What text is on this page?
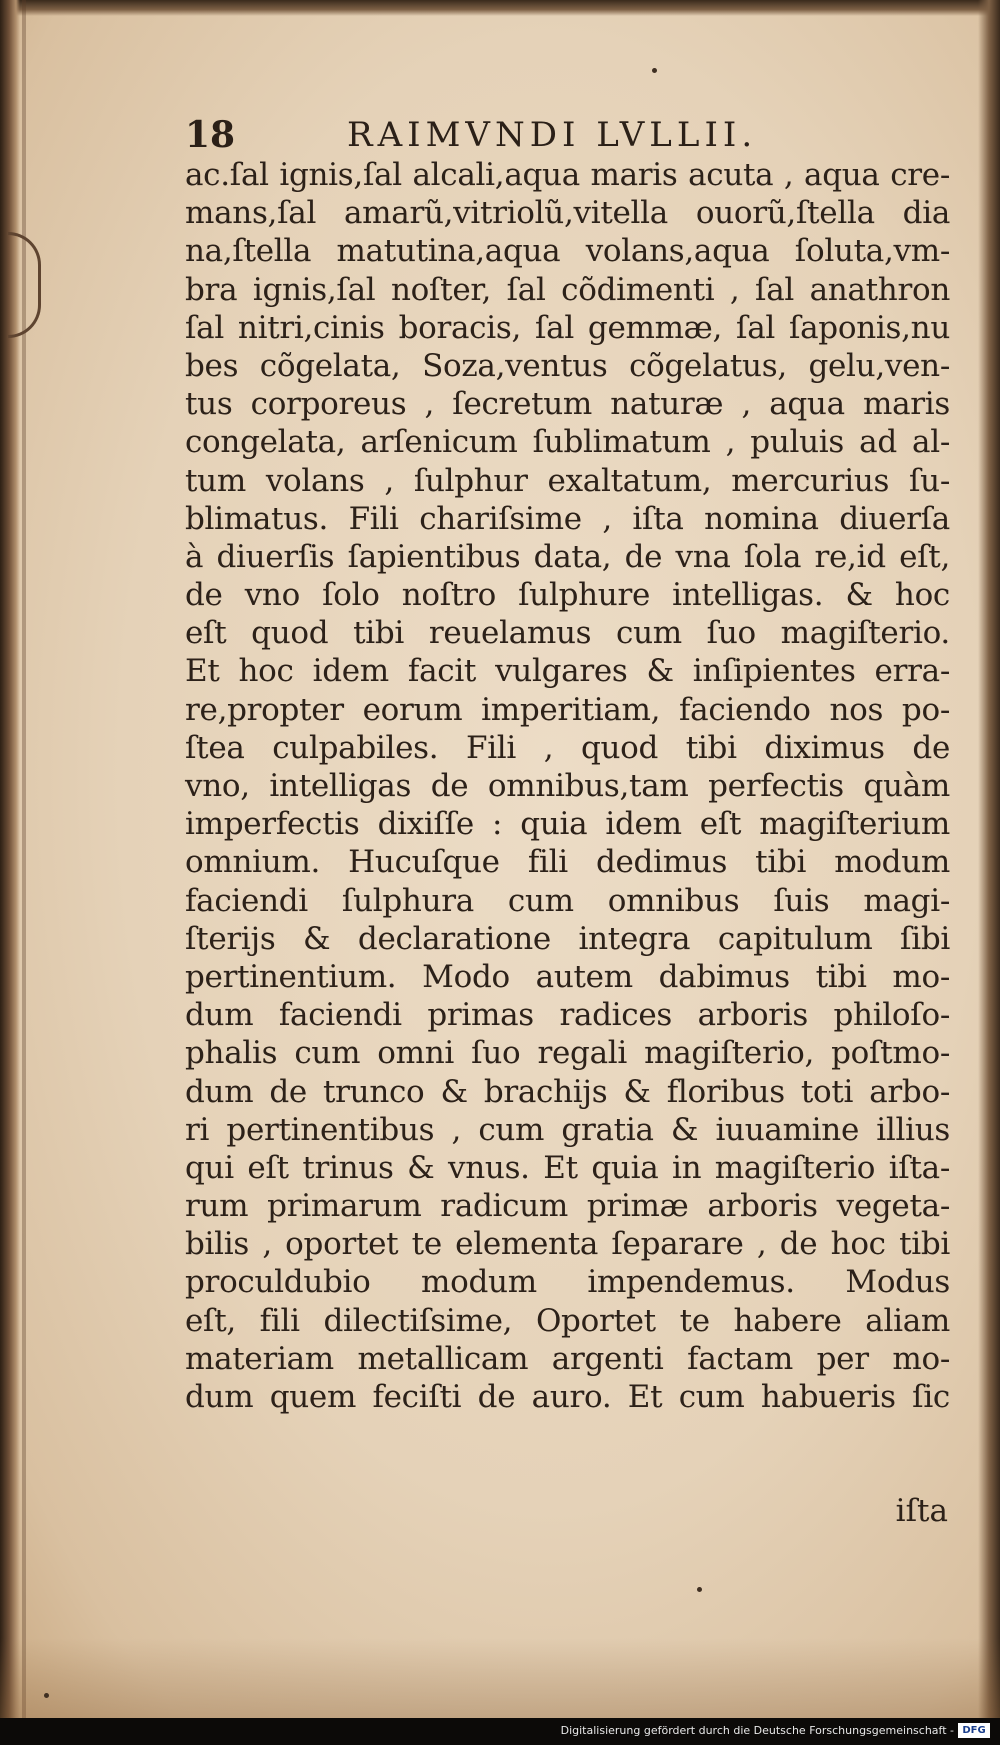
18	RAIMVNDI LVLLII.
ac.ſal ignis,ſal alcali,aqua maris acuta , aqua cre-
mans,ſal amarũ,vitriolũ,vitella ouorũ,ſtella dia
na,ſtella matutina,aqua volans,aqua ſoluta,vm-
bra ignis,ſal noſter, ſal cõdimenti , ſal anathron
ſal nitri,cinis boracis, ſal gemmæ, ſal ſaponis,nu
bes cõgelata, Soza,ventus cõgelatus, gelu,ven-
tus corporeus , ſecretum naturæ , aqua maris
congelata, arſenicum ſublimatum , puluis ad al-
tum volans , ſulphur exaltatum, mercurius ſu-
blimatus. Fili chariſsime , iſta nomina diuerſa
à diuerſis ſapientibus data, de vna ſola re,id eſt,
de vno ſolo noſtro ſulphure intelligas. & hoc
eſt quod tibi reuelamus cum ſuo magiſterio.
Et hoc idem facit vulgares & inſipientes erra-
re,propter eorum imperitiam, faciendo nos po-
ſtea culpabiles. Fili , quod tibi diximus de
vno, intelligas de omnibus,tam perfectis quàm
imperfectis dixiſſe : quia idem eſt magiſterium
omnium. Hucuſque fili dedimus tibi modum
faciendi ſulphura cum omnibus ſuis magi-
ſterijs & declaratione integra capitulum ſibi
pertinentium. Modo autem dabimus tibi mo-
dum faciendi primas radices arboris philoſo-
phalis cum omni ſuo regali magiſterio, poſtmo-
dum de trunco & brachijs & floribus toti arbo-
ri pertinentibus , cum gratia & iuuamine illius
qui eſt trinus & vnus. Et quia in magiſterio iſta-
rum primarum radicum primæ arboris vegeta-
bilis , oportet te elementa ſeparare , de hoc tibi
proculdubio modum impendemus. Modus
eſt, fili dilectiſsime, Oportet te habere aliam
materiam metallicam argenti factam per mo-
dum quem feciſti de auro. Et cum habueris ſic
iſta
Digitalisierung gefördert durch die Deutsche Forschungsgemeinschaft - DFG
